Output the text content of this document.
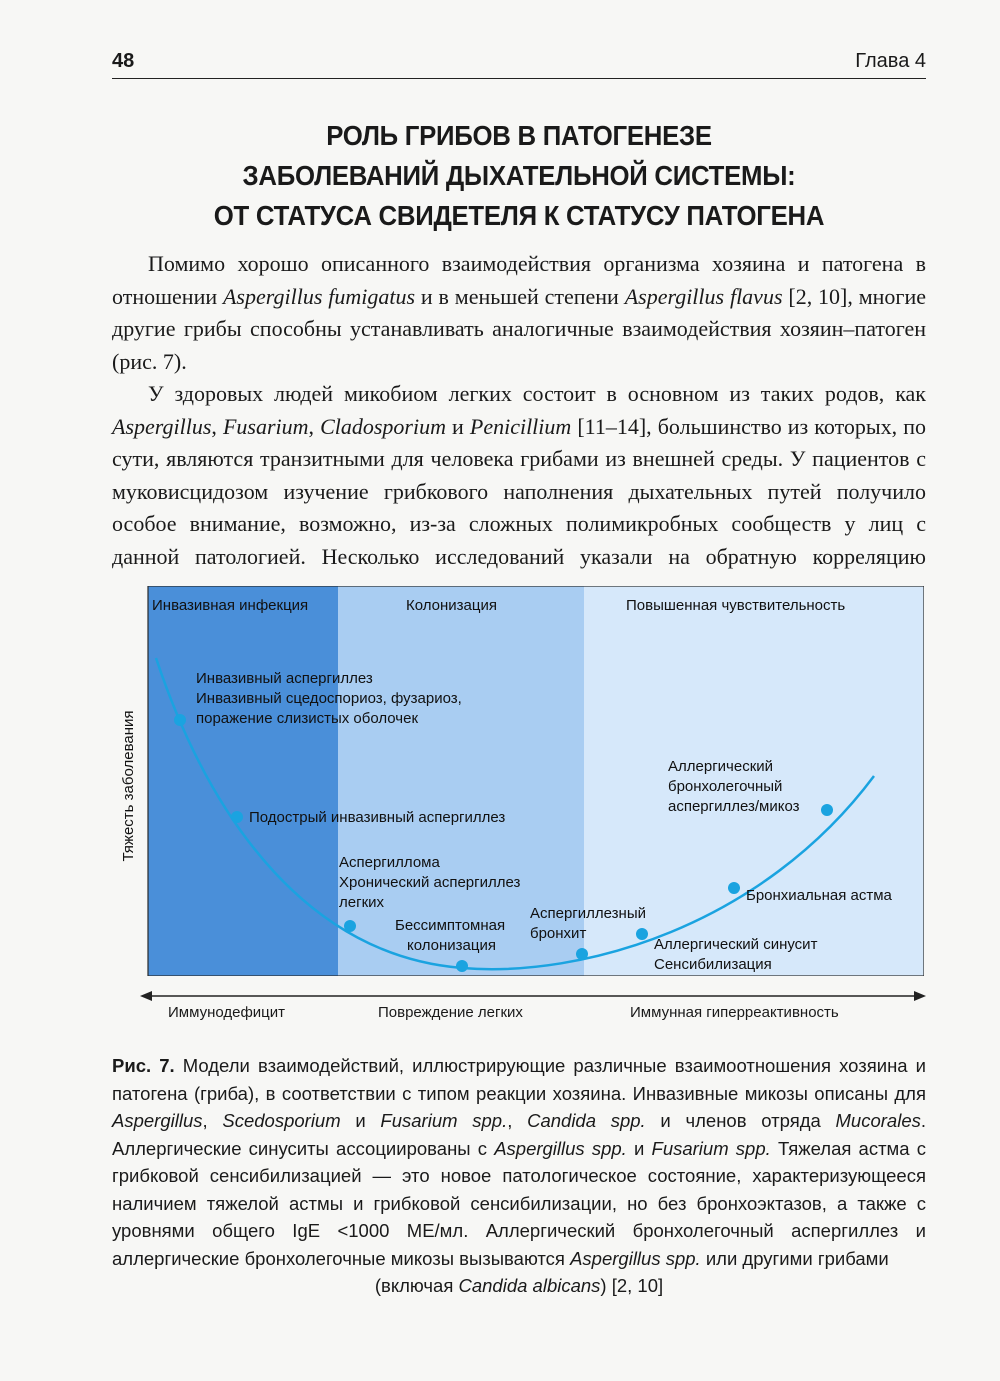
48	Глава 4
РОЛЬ ГРИБОВ В ПАТОГЕНЕЗЕ
ЗАБОЛЕВАНИЙ ДЫХАТЕЛЬНОЙ СИСТЕМЫ:
ОТ СТАТУСА СВИДЕТЕЛЯ К СТАТУСУ ПАТОГЕНА

Помимо хорошо описанного взаимодействия организма хозяина и патогена в отношении Aspergillus fumigatus и в меньшей степени Aspergillus flavus [2, 10], многие другие грибы способны устанавливать аналогичные взаимодействия хозяин–патоген (рис. 7).

У здоровых людей микобиом легких состоит в основном из таких родов, как Aspergillus, Fusarium, Cladosporium и Penicillium [11–14], большинство из которых, по сути, являются транзитными для человека грибами из внешней среды. У пациентов с муковисцидозом изучение грибкового наполнения дыхательных путей получило особое внимание, возможно, из-за сложных полимикробных сообществ у лиц с данной патологией. Несколько исследований указали на обратную корреляцию

Инвазивная инфекция	Колонизация	Повышенная чувствительность
Тяжесть заболевания
Инвазивный аспергиллез
Инвазивный сцедоспориоз, фузариоз,
поражение слизистых оболочек
Подострый инвазивный аспергиллез
Аспергиллома
Хронический аспергиллез
легких
Бессимптомная
колонизация
Аспергиллезный
бронхит
Аллергический синусит
Сенсибилизация
Бронхиальная астма
Аллергический
бронхолегочный
аспергиллез/микоз
Иммунодефицит	Повреждение легких	Иммунная гиперреактивность
Рис. 7. Модели взаимодействий, иллюстрирующие различные взаимоотношения хозяина и патогена (гриба), в соответствии с типом реакции хозяина. Инвазивные микозы описаны для Aspergillus, Scedosporium и Fusarium spp., Candida spp. и членов отряда Mucorales. Аллергические синуситы ассоциированы с Aspergillus spp. и Fusarium spp. Тяжелая астма с грибковой сенсибилизацией — это новое патологическое состояние, характеризующееся наличием тяжелой астмы и грибковой сенсибилизации, но без бронхоэктазов, а также с уровнями общего IgE <1000 МЕ/мл. Аллергический бронхолегочный аспергиллез и аллергические бронхолегочные микозы вызываются Aspergillus spp. или другими грибами
(включая Candida albicans) [2, 10]
